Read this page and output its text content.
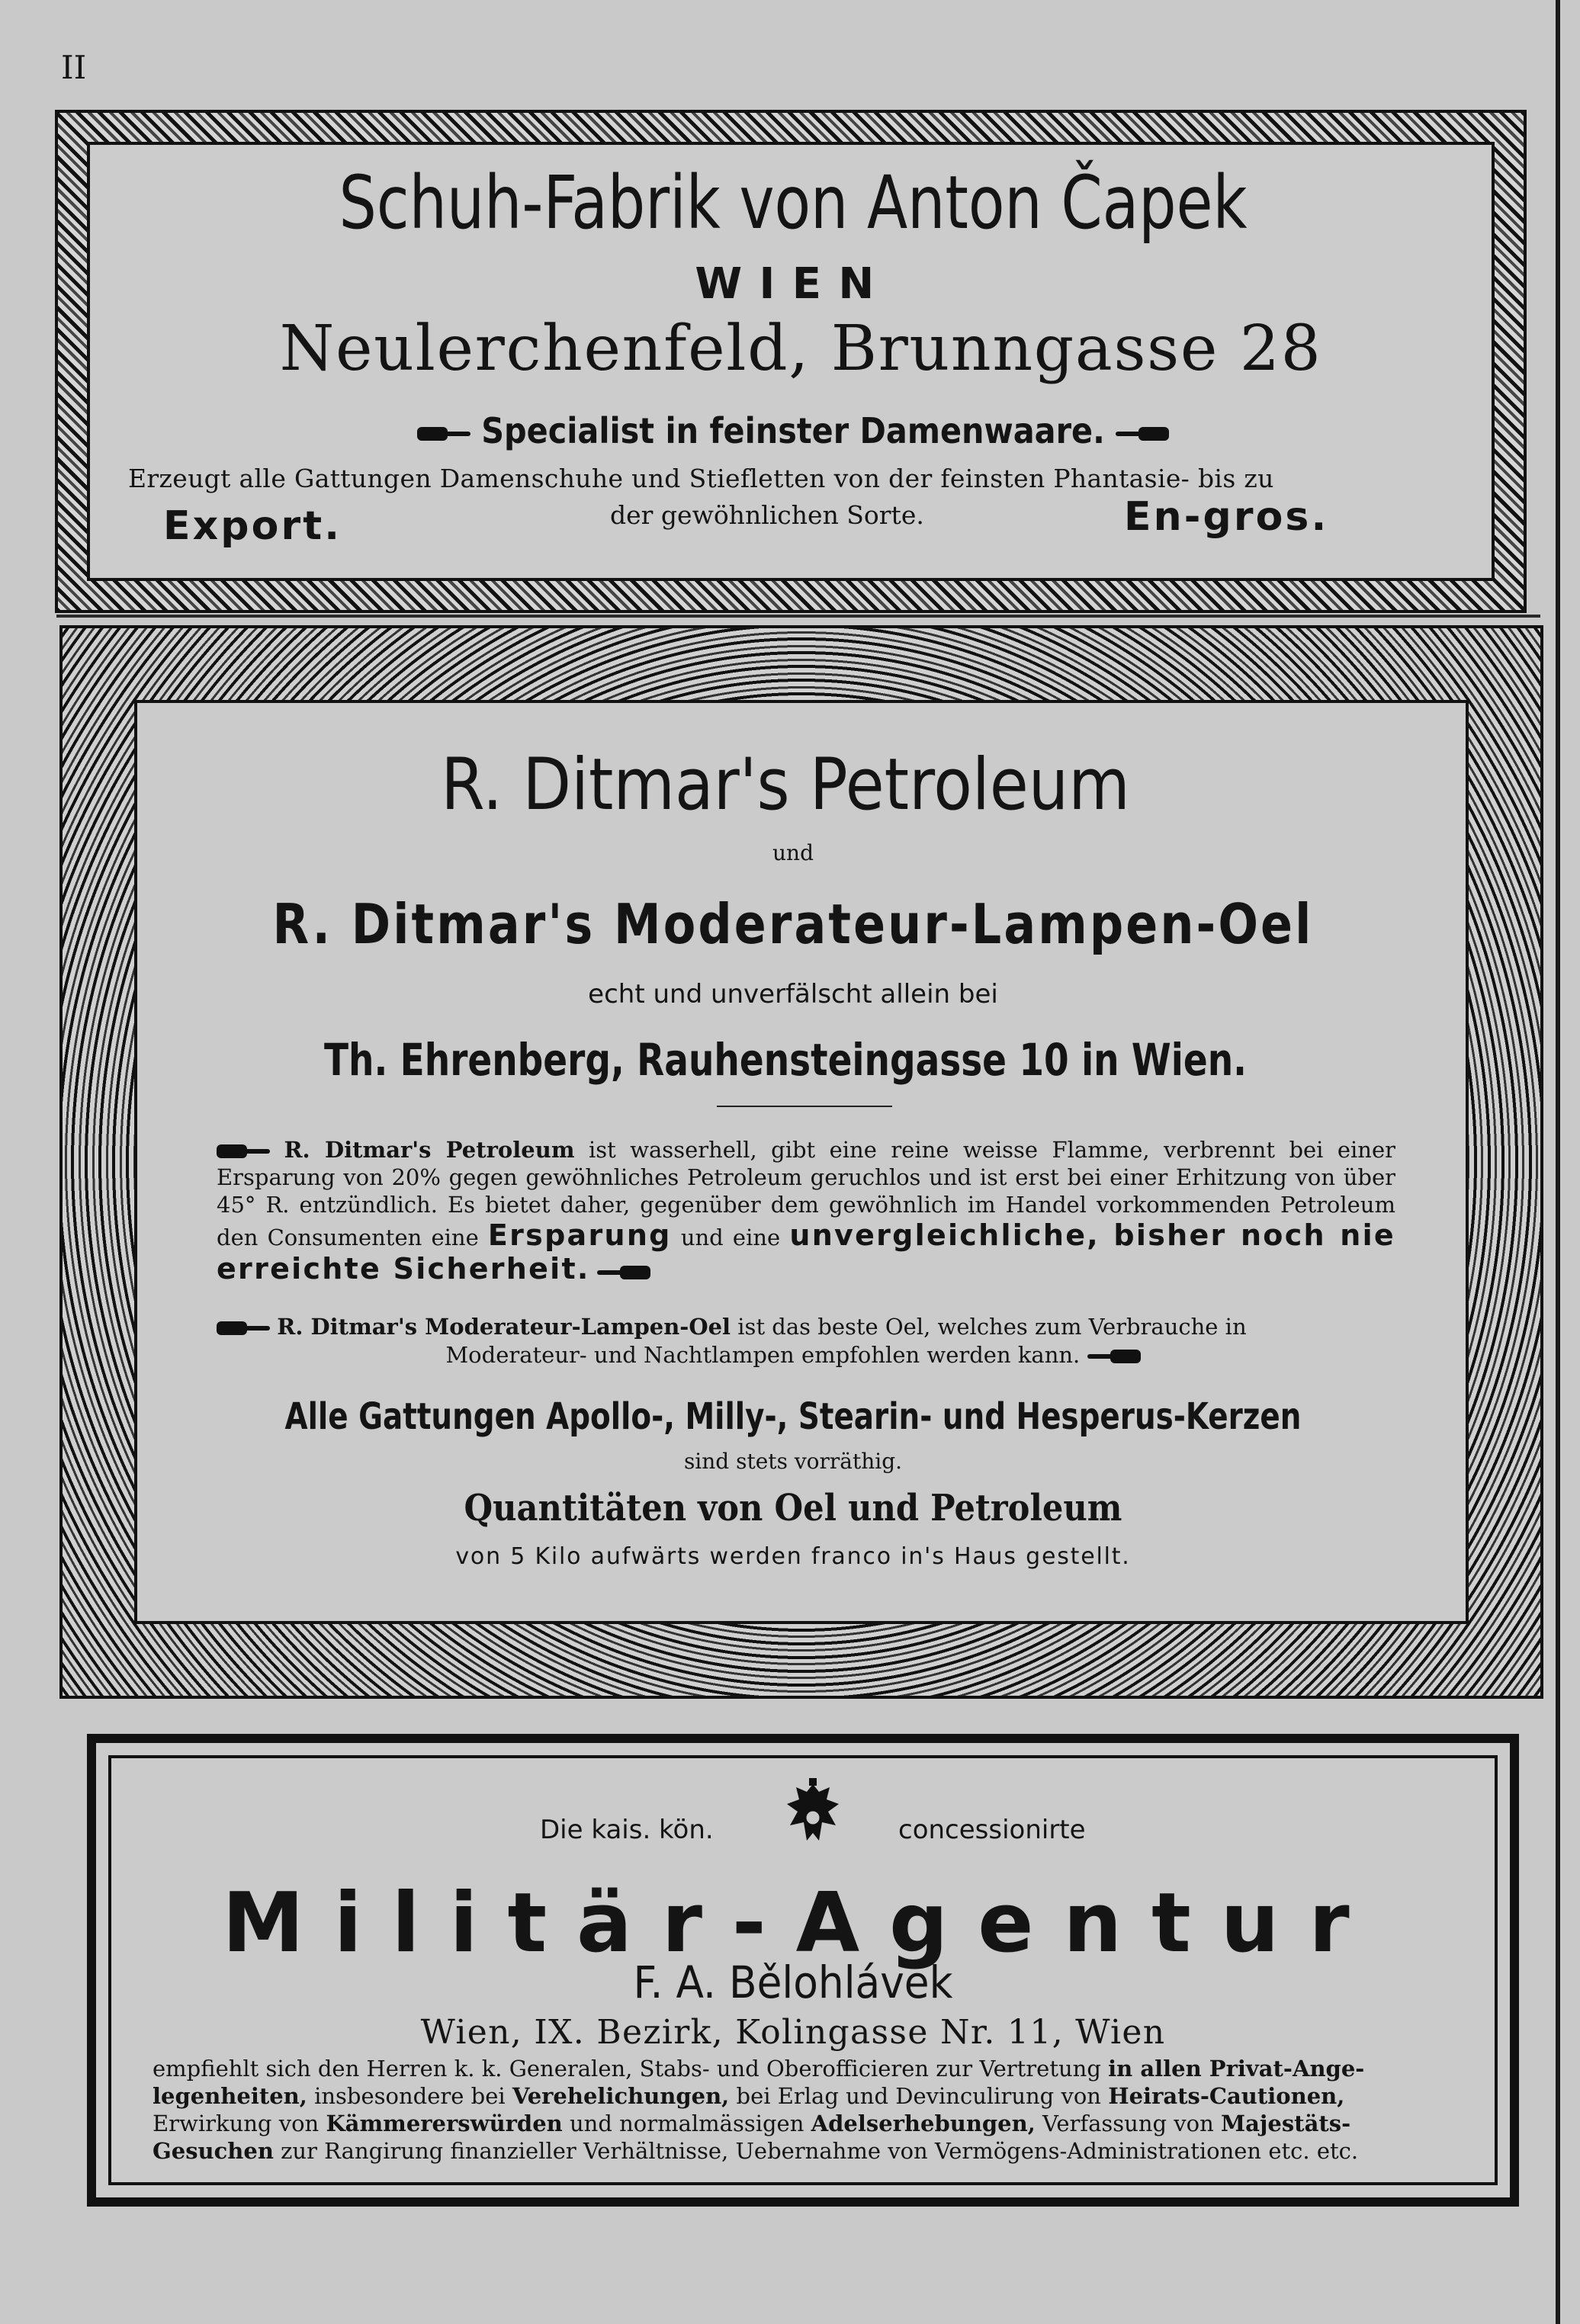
II
Schuh-Fabrik von Anton Čapek
WIEN
Neulerchenfeld, Brunngasse 28
Specialist in feinster Damenwaare.
Erzeugt alle Gattungen Damenschuhe und Stiefletten von der feinsten Phantasie- bis zu
der gewöhnlichen Sorte.
Export.	En-gros.
R. Ditmar's Petroleum
und
R. Ditmar's Moderateur-Lampen-Oel
echt und unverfälscht allein bei
Th. Ehrenberg, Rauhensteingasse 10 in Wien.
R. Ditmar's Petroleum ist wasserhell, gibt eine reine weisse Flamme, verbrennt bei einer Ersparung von 20% gegen gewöhnliches Petroleum geruchlos und ist erst bei einer Erhitzung von über 45° R. entzündlich. Es bietet daher, gegenüber dem gewöhnlich im Handel vorkommenden Petroleum den Consumenten eine Ersparung und eine unvergleichliche, bisher noch nie erreichte Sicherheit.
R. Ditmar's Moderateur-Lampen-Oel ist das beste Oel, welches zum Verbrauche in
Moderateur- und Nachtlampen empfohlen werden kann.
Alle Gattungen Apollo-, Milly-, Stearin- und Hesperus-Kerzen
sind stets vorräthig.
Quantitäten von Oel und Petroleum
von 5 Kilo aufwärts werden franco in's Haus gestellt.
Die kais. kön.	concessionirte
Militär-Agentur
F. A. Bělohlávek
Wien, IX. Bezirk, Kolingasse Nr. 11, Wien
empfiehlt sich den Herren k. k. Generalen, Stabs- und Oberofficieren zur Vertretung in allen Privat-Ange-
legenheiten, insbesondere bei Verehelichungen, bei Erlag und Devinculirung von Heirats-Cautionen,
Erwirkung von Kämmererswürden und normalmässigen Adelserhebungen, Verfassung von Majestäts-
Gesuchen zur Rangirung finanzieller Verhältnisse, Uebernahme von Vermögens-Administrationen etc. etc.
